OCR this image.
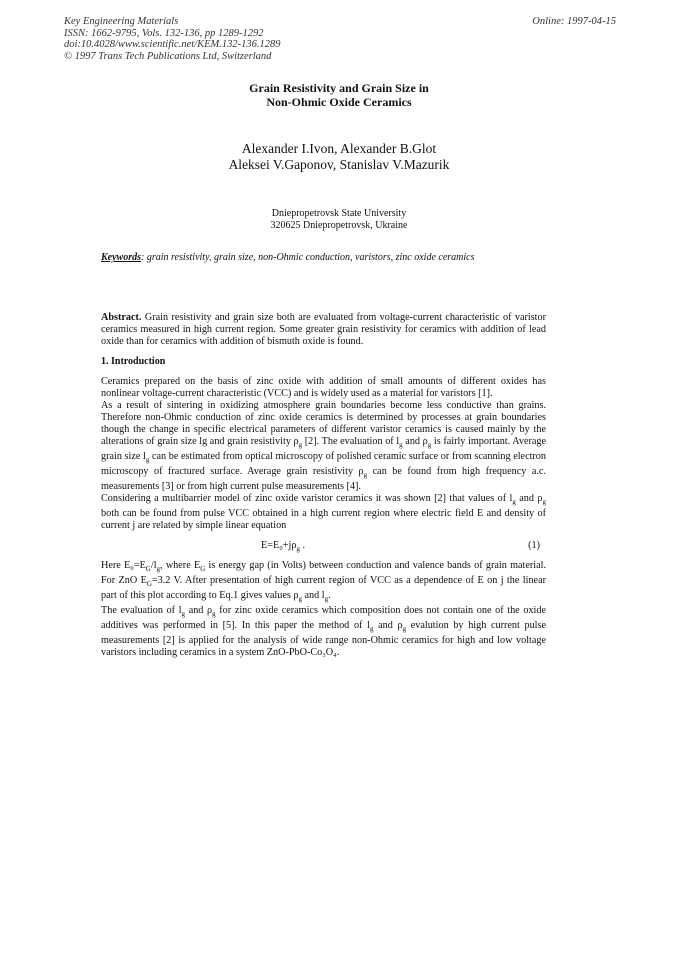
Key Engineering Materials
ISSN: 1662-9795, Vols. 132-136, pp 1289-1292
doi:10.4028/www.scientific.net/KEM.132-136.1289
© 1997 Trans Tech Publications Ltd, Switzerland
Online: 1997-04-15
Grain Resistivity and Grain Size in
Non-Ohmic Oxide Ceramics
Alexander I.Ivon, Alexander B.Glot
Aleksei V.Gaponov, Stanislav V.Mazurik
Dniepropetrovsk State University
320625 Dniepropetrovsk, Ukraine
Keywords: grain resistivity, grain size, non-Ohmic conduction, varistors, zinc oxide ceramics

Abstract. Grain resistivity and grain size both are evaluated from voltage-current characteristic of varistor ceramics measured in high current region. Some greater grain resistivity for ceramics with addition of lead oxide than for ceramics with addition of bismuth oxide is found.

1. Introduction

Ceramics prepared on the basis of zinc oxide with addition of small amounts of different oxides has nonlinear voltage-current characteristic (VCC) and is widely used as a material for varistors [1].

As a result of sintering in oxidizing atmosphere grain boundaries become less conductive than grains. Therefore non-Ohmic conduction of zinc oxide ceramics is determined by processes at grain boundaries though the change in specific electrical parameters of different varistor ceramics is caused mainly by the alterations of grain size lg and grain resistivity $\rho_g$ [2]. The evaluation of $l_g$ and $\rho_g$ is fairly important. Average grain size $l_g$ can be estimated from optical microscopy of polished ceramic surface or from scanning electron microscopy of fractured surface. Average grain resistivity $\rho_g$ can be found from high frequency a.c. measurements [3] or from high current pulse measurements [4].

Considering a multibarrier model of zinc oxide varistor ceramics it was shown [2] that values of $l_g$ and $\rho_g$ both can be found from pulse VCC obtained in a high current region where electric field E and density of current j are related by simple linear equation

$E=E_0+j\rho_g$ .	(1)

Here $E_0=E_G/l_g$, where $E_G$ is energy gap (in Volts) between conduction and valence bands of grain material. For ZnO $E_G=3.2$ V. After presentation of high current region of VCC as a dependence of E on j the linear part of this plot according to Eq.1 gives values $\rho_g$ and $l_g$.

The evaluation of $l_g$ and $\rho_g$ for zinc oxide ceramics which composition does not contain one of the oxide additives was performed in [5]. In this paper the method of $l_g$ and $\rho_g$ evalution by high current pulse measurements [2] is applied for the analysis of wide range non-Ohmic ceramics for high and low voltage varistors including ceramics in a system ZnO-PbO-Co₃O₄.
